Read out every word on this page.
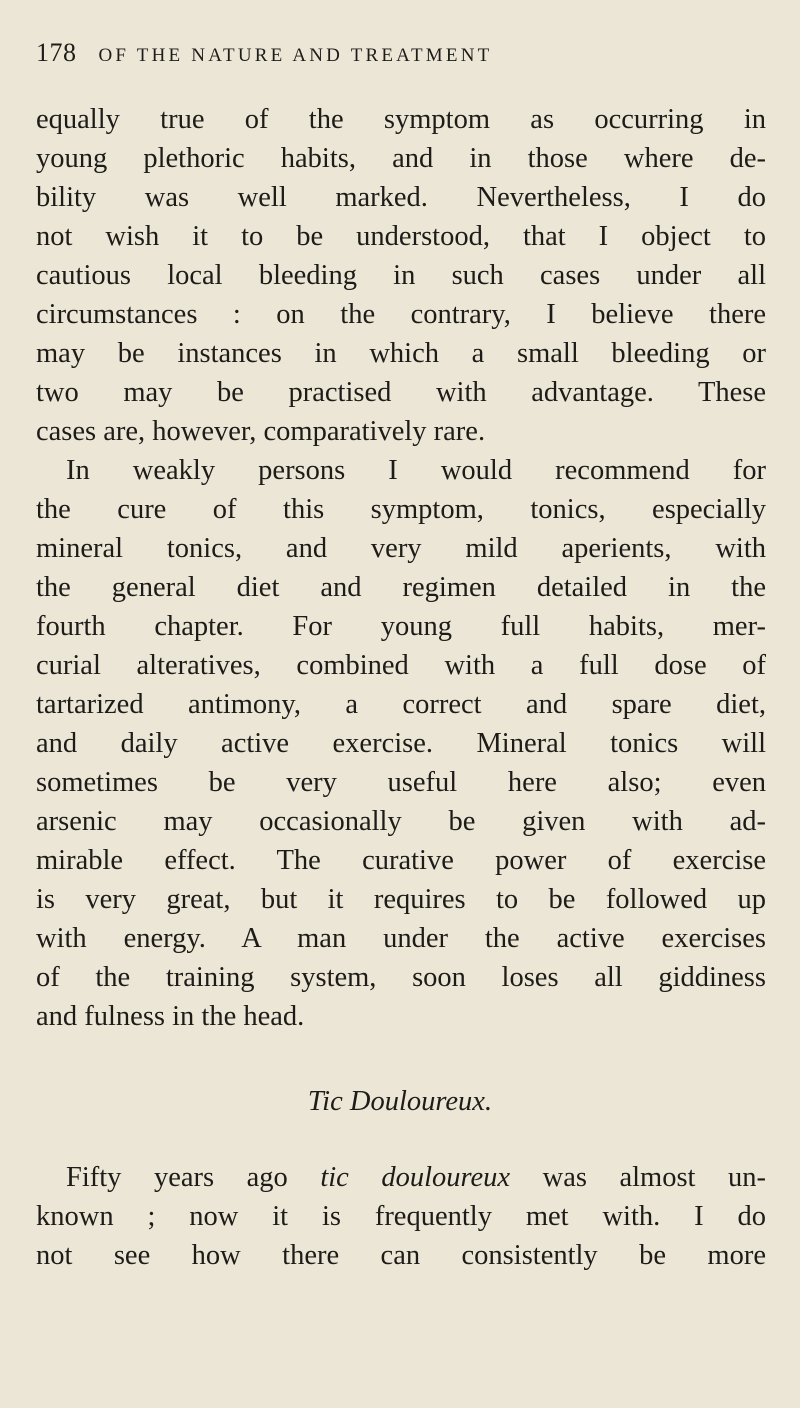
178 OF THE NATURE AND TREATMENT
equally true of the symptom as occurring in
young plethoric habits, and in those where de-
bility was well marked. Nevertheless, I do
not wish it to be understood, that I object to
cautious local bleeding in such cases under all
circumstances : on the contrary, I believe there
may be instances in which a small bleeding or
two may be practised with advantage. These
cases are, however, comparatively rare.
In weakly persons I would recommend for
the cure of this symptom, tonics, especially
mineral tonics, and very mild aperients, with
the general diet and regimen detailed in the
fourth chapter. For young full habits, mer-
curial alteratives, combined with a full dose of
tartarized antimony, a correct and spare diet,
and daily active exercise. Mineral tonics will
sometimes be very useful here also; even
arsenic may occasionally be given with ad-
mirable effect. The curative power of exercise
is very great, but it requires to be followed up
with energy. A man under the active exercises
of the training system, soon loses all giddiness
and fulness in the head.
Tic Douloureux.
Fifty years ago tic douloureux was almost un-
known ; now it is frequently met with. I do
not see how there can consistently be more
